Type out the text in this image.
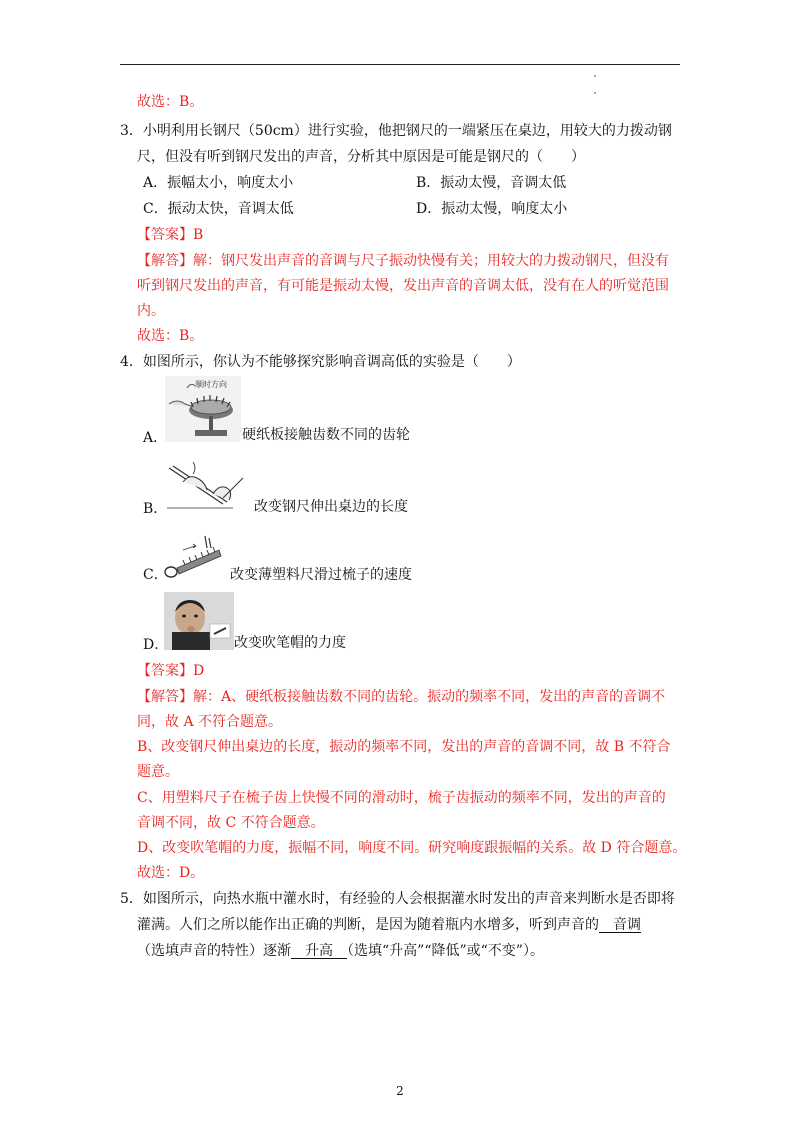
故选：B。
3．小明利用长钢尺（50cm）进行实验，他把钢尺的一端紧压在桌边，用较大的力拨动钢
尺，但没有听到钢尺发出的声音，分析其中原因是可能是钢尺的（　　）
A．振幅太小，响度太小	B．振动太慢，音调太低
C．振动太快，音调太低	D．振动太慢，响度太小
【答案】B
【解答】解：钢尺发出声音的音调与尺子振动快慢有关；用较大的力拨动钢尺，但没有
听到钢尺发出的声音，有可能是振动太慢，发出声音的音调太低，没有在人的听觉范围
内。
故选：B。
4．如图所示，你认为不能够探究影响音调高低的实验是（　　）
顺时方向
A．	硬纸板接触齿数不同的齿轮
B．	改变钢尺伸出桌边的长度
C．	改变薄塑料尺滑过梳子的速度
D．	改变吹笔帽的力度
【答案】D
【解答】解：A、硬纸板接触齿数不同的齿轮。振动的频率不同，发出的声音的音调不
同，故 A 不符合题意。
B、改变钢尺伸出桌边的长度，振动的频率不同，发出的声音的音调不同，故 B 不符合
题意。
C、用塑料尺子在梳子齿上快慢不同的滑动时，梳子齿振动的频率不同，发出的声音的
音调不同，故 C 不符合题意。
D、改变吹笔帽的力度，振幅不同，响度不同。研究响度跟振幅的关系。故 D 符合题意。
故选：D。
5．如图所示，向热水瓶中灌水时，有经验的人会根据灌水时发出的声音来判断水是否即将
灌满。人们之所以能作出正确的判断，是因为随着瓶内水增多，听到声音的　音调
（选填声音的特性）逐渐　升高　（选填“升高”“降低”或“不变”）。
2
